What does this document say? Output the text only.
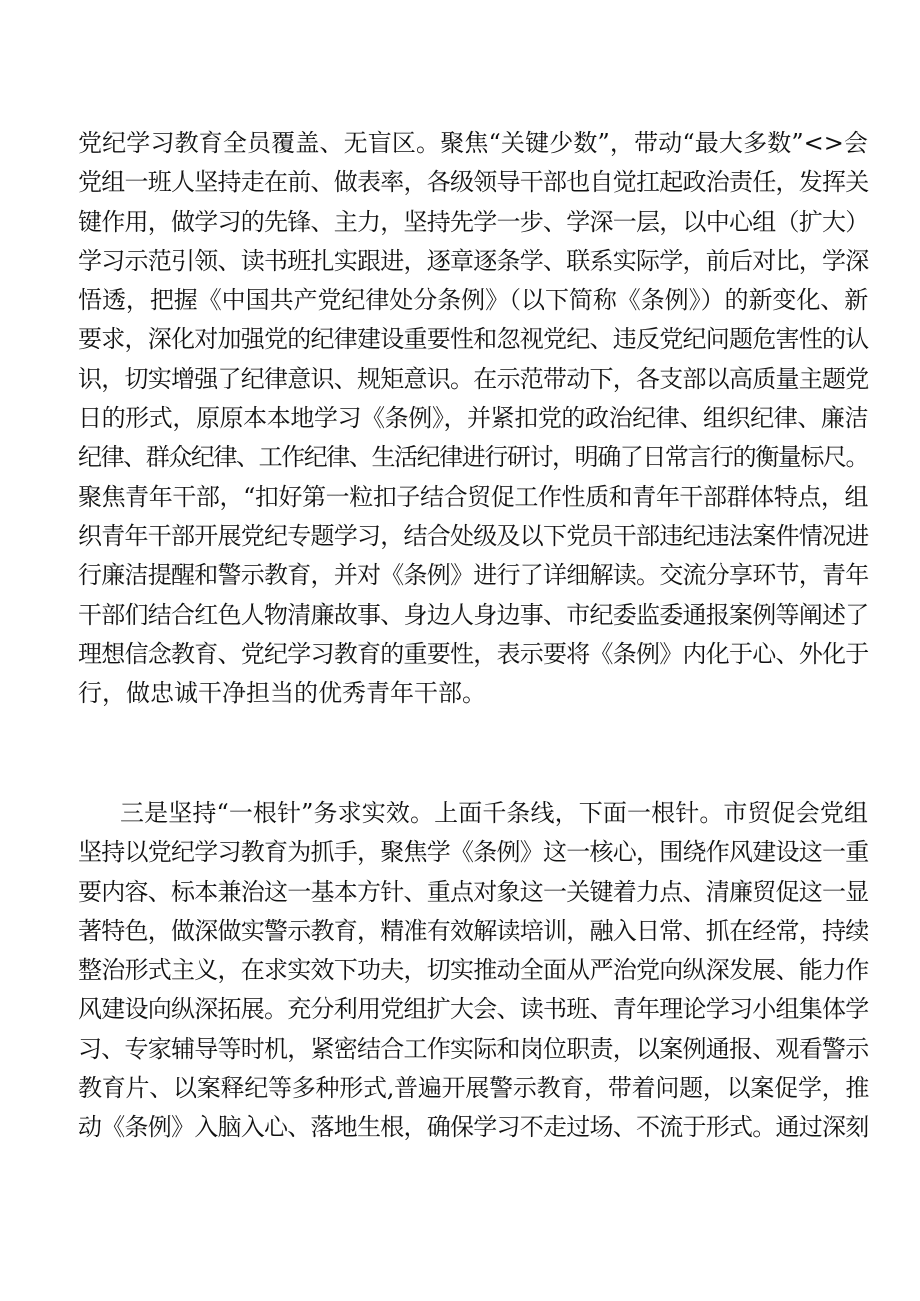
党纪学习教育全员覆盖、无盲区。聚焦“关键少数”，带动“最大多数”<>会
党组一班人坚持走在前、做表率，各级领导干部也自觉扛起政治责任，发挥关
键作用，做学习的先锋、主力，坚持先学一步、学深一层，以中心组（扩大）
学习示范引领、读书班扎实跟进，逐章逐条学、联系实际学，前后对比，学深
悟透，把握《中国共产党纪律处分条例》（以下简称《条例》）的新变化、新
要求，深化对加强党的纪律建设重要性和忽视党纪、违反党纪问题危害性的认
识，切实增强了纪律意识、规矩意识。在示范带动下，各支部以高质量主题党
日的形式，原原本本地学习《条例》，并紧扣党的政治纪律、组织纪律、廉洁
纪律、群众纪律、工作纪律、生活纪律进行研讨，明确了日常言行的衡量标尺。
聚焦青年干部，“扣好第一粒扣子结合贸促工作性质和青年干部群体特点，组
织青年干部开展党纪专题学习，结合处级及以下党员干部违纪违法案件情况进
行廉洁提醒和警示教育，并对《条例》进行了详细解读。交流分享环节，青年
干部们结合红色人物清廉故事、身边人身边事、市纪委监委通报案例等阐述了
理想信念教育、党纪学习教育的重要性，表示要将《条例》内化于心、外化于
行，做忠诚干净担当的优秀青年干部。
三是坚持“一根针”务求实效。上面千条线，下面一根针。市贸促会党组
坚持以党纪学习教育为抓手，聚焦学《条例》这一核心，围绕作风建设这一重
要内容、标本兼治这一基本方针、重点对象这一关键着力点、清廉贸促这一显
著特色，做深做实警示教育，精准有效解读培训，融入日常、抓在经常，持续
整治形式主义，在求实效下功夫，切实推动全面从严治党向纵深发展、能力作
风建设向纵深拓展。充分利用党组扩大会、读书班、青年理论学习小组集体学
习、专家辅导等时机，紧密结合工作实际和岗位职责，以案例通报、观看警示
教育片、以案释纪等多种形式,普遍开展警示教育，带着问题，以案促学，推
动《条例》入脑入心、落地生根，确保学习不走过场、不流于形式。通过深刻
